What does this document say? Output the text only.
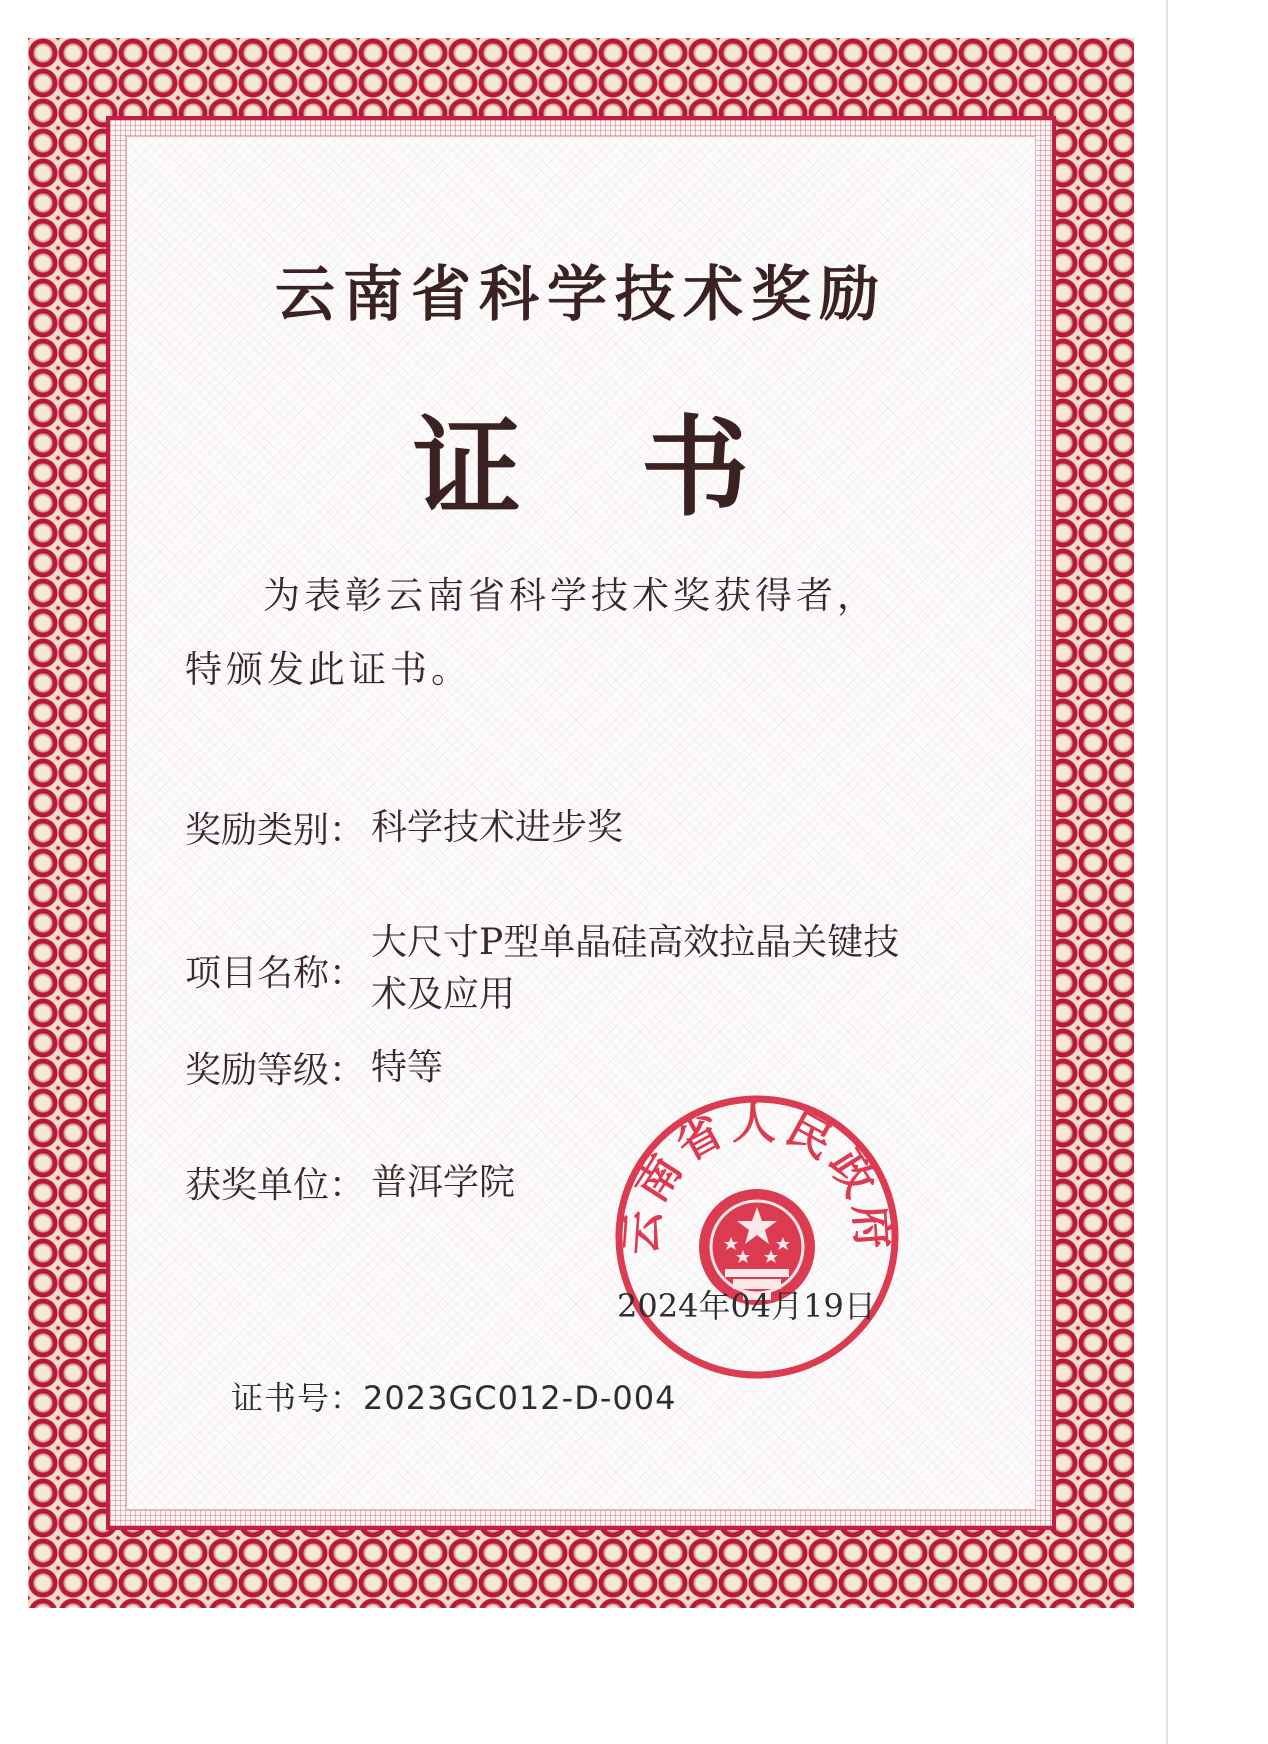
云南省科学技术奖励
证书
为表彰云南省科学技术奖获得者，特颁发此证书。
奖励类别： 科学技术进步奖
项目名称：
大尺寸P型单晶硅高效拉晶关键技术及应用
奖励等级： 特等
获奖单位： 普洱学院
云南省人民政府
2024年04月19日
证书号：2023GC012-D-004
